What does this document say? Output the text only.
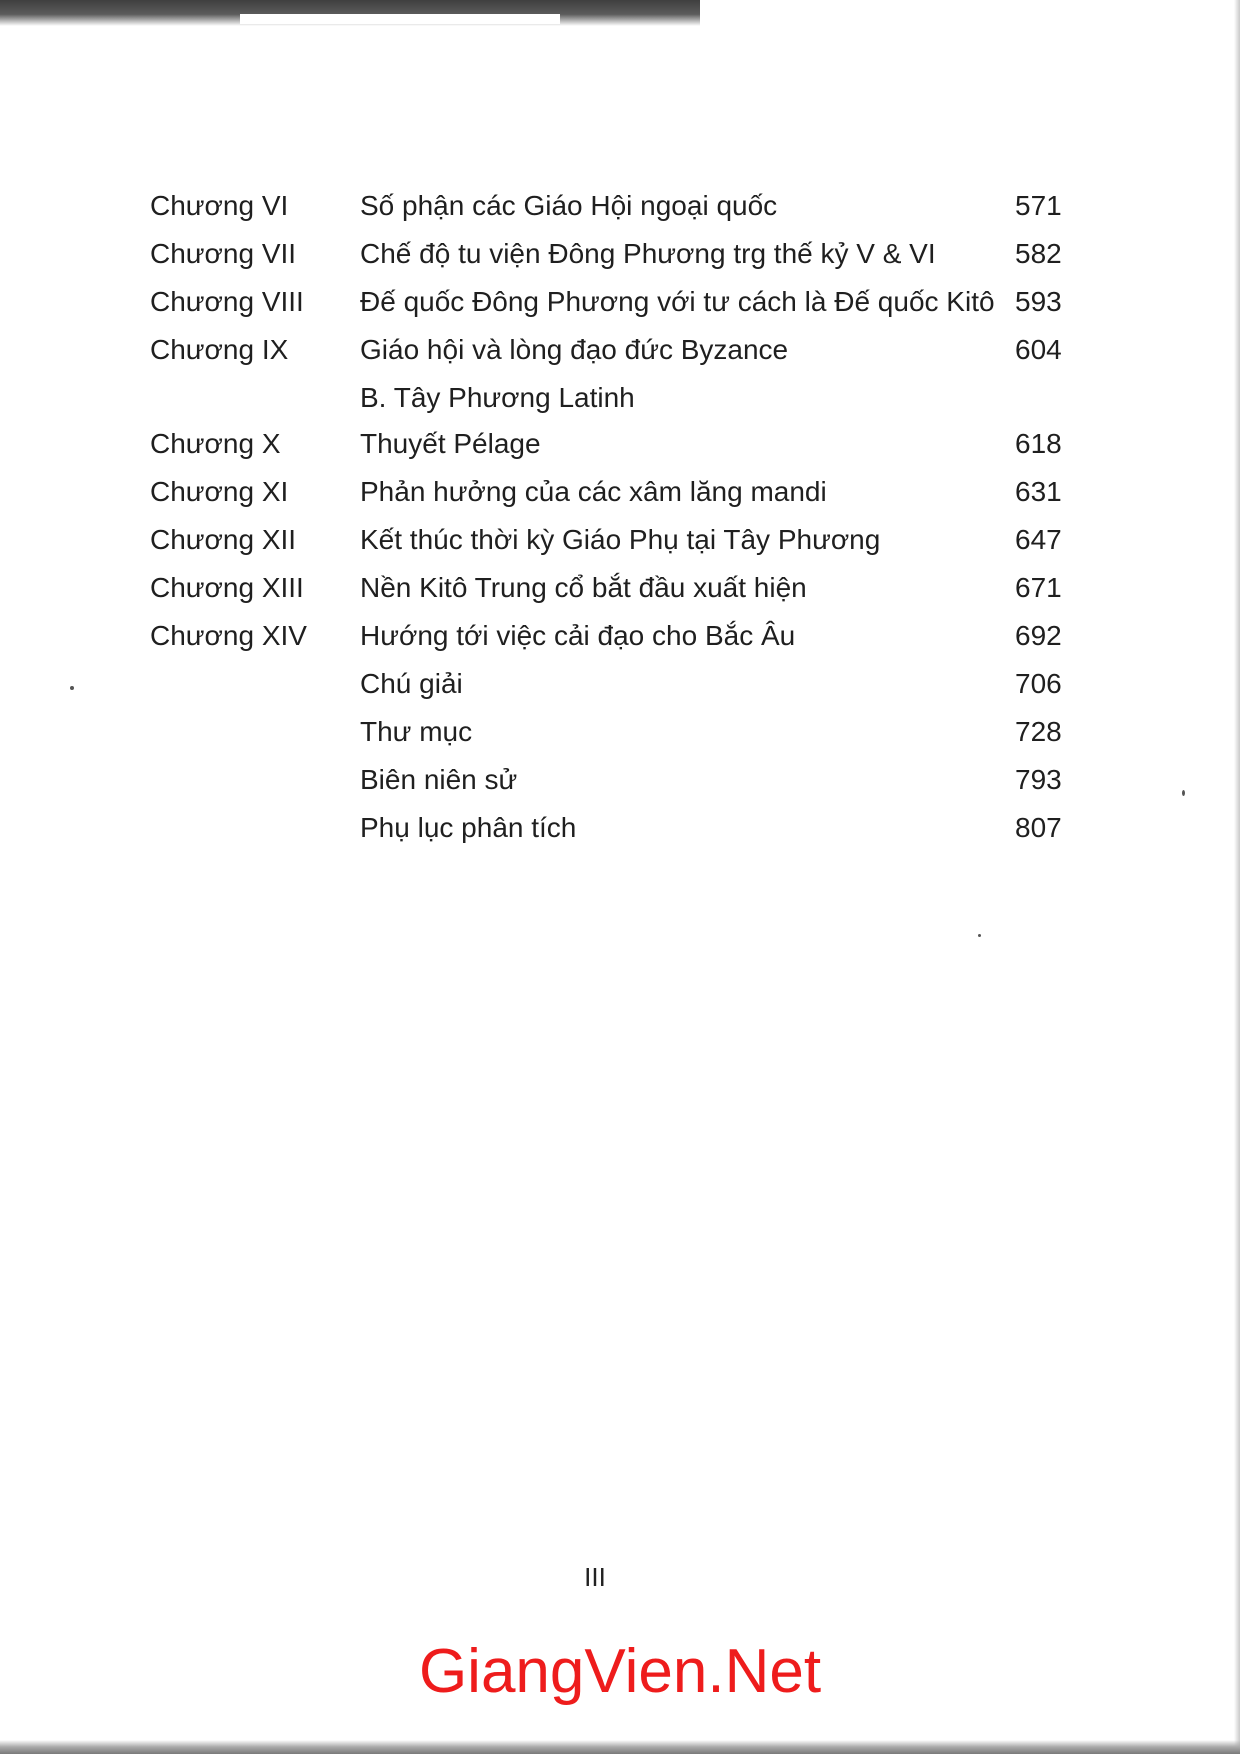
Chương VI	Số phận các Giáo Hội ngoại quốc	571
Chương VII	Chế độ tu viện Đông Phương trg thế kỷ V & VI	582
Chương VIII	Đế quốc Đông Phương với tư cách là Đế quốc Kitô 593
Chương IX	Giáo hội và lòng đạo đức Byzance	604
B. Tây Phương Latinh
Chương X	Thuyết Pélage	618
Chương XI	Phản hưởng của các xâm lăng mandi	631
Chương XII	Kết thúc thời kỳ Giáo Phụ tại Tây Phương	647
Chương XIII	Nền Kitô Trung cổ bắt đầu xuất hiện	671
Chương XIV	Hướng tới việc cải đạo cho Bắc Âu	692
Chú giải	706
Thư mục	728
Biên niên sử	793
Phụ lục phân tích	807
III
GiangVien.Net
